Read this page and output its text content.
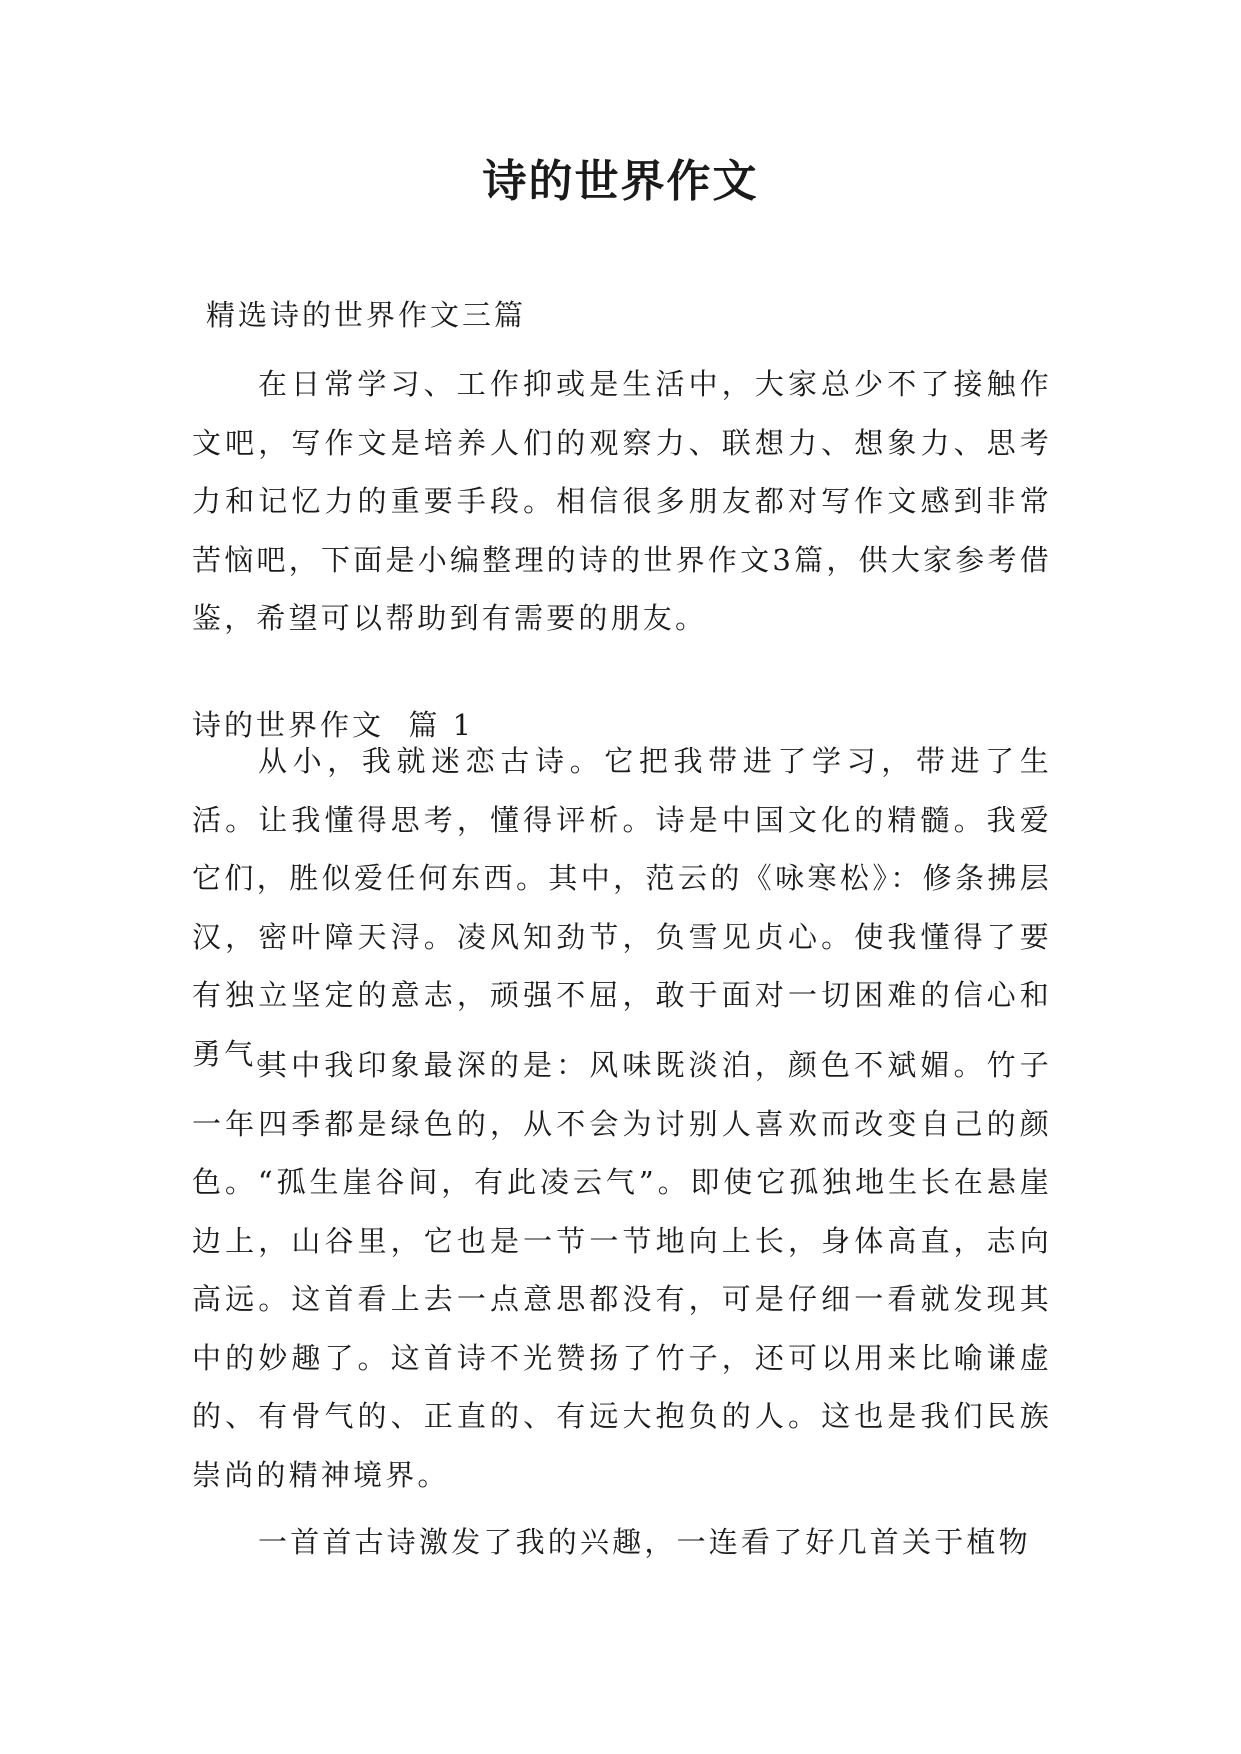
诗的世界作文

精选诗的世界作文三篇

在日常学习、工作抑或是生活中，大家总少不了接触作文吧，写作文是培养人们的观察力、联想力、想象力、思考力和记忆力的重要手段。相信很多朋友都对写作文感到非常苦恼吧，下面是小编整理的诗的世界作文3篇，供大家参考借鉴，希望可以帮助到有需要的朋友。

诗的世界作文  篇 1

从小，我就迷恋古诗。它把我带进了学习，带进了生活。让我懂得思考，懂得评析。诗是中国文化的精髓。我爱它们，胜似爱任何东西。其中，范云的《咏寒松》：修条拂层汉，密叶障天浔。凌风知劲节，负雪见贞心。使我懂得了要有独立坚定的意志，顽强不屈，敢于面对一切困难的信心和勇气。

其中我印象最深的是：风味既淡泊，颜色不斌媚。竹子一年四季都是绿色的，从不会为讨别人喜欢而改变自己的颜色。“孤生崖谷间，有此凌云气”。即使它孤独地生长在悬崖边上，山谷里，它也是一节一节地向上长，身体高直，志向高远。这首看上去一点意思都没有，可是仔细一看就发现其中的妙趣了。这首诗不光赞扬了竹子，还可以用来比喻谦虚的、有骨气的、正直的、有远大抱负的人。这也是我们民族崇尚的精神境界。

一首首古诗激发了我的兴趣，一连看了好几首关于植物
